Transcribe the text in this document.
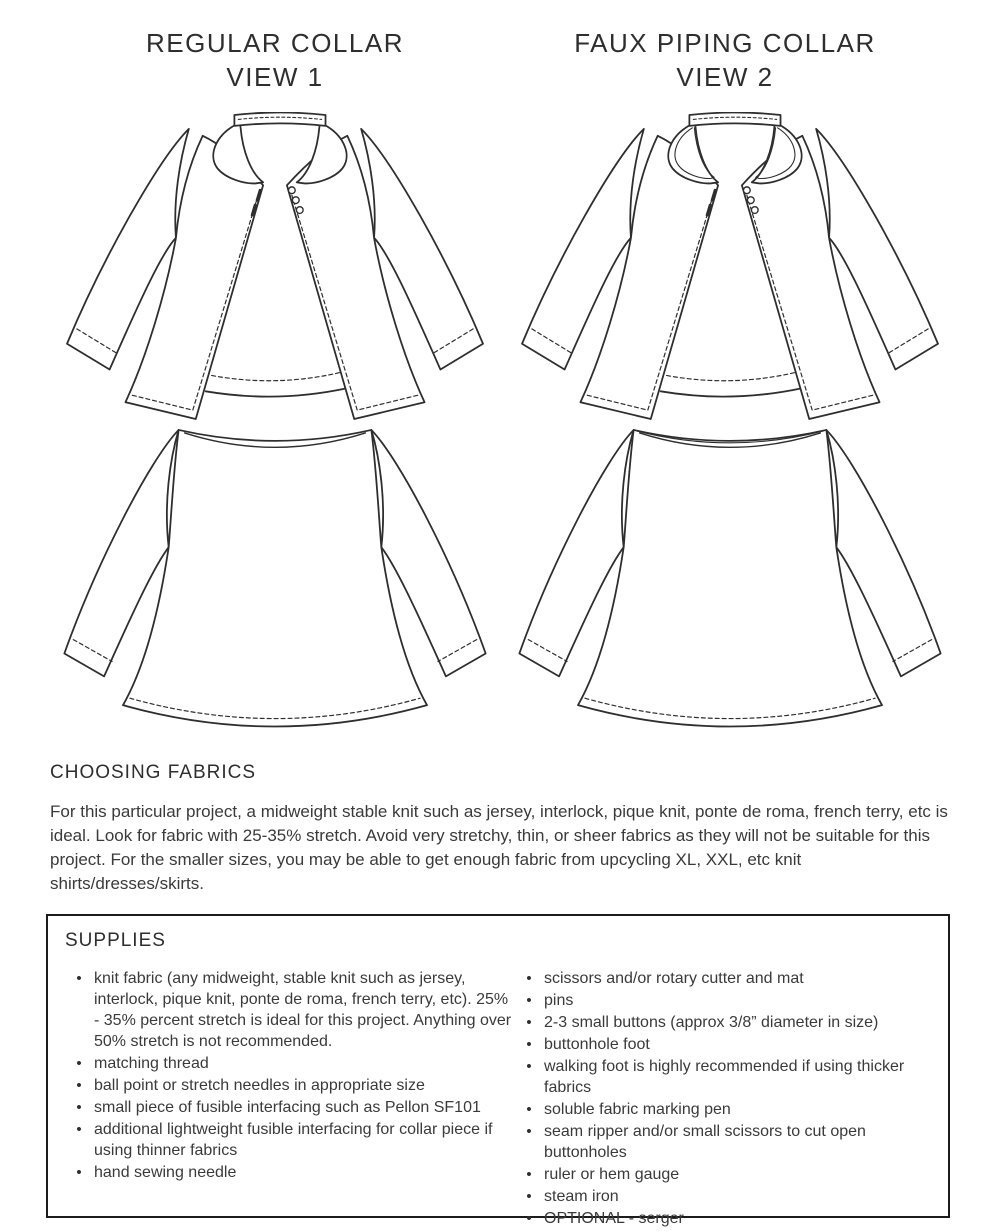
REGULAR COLLAR
VIEW 1
FAUX PIPING COLLAR
VIEW 2
CHOOSING FABRICS
For this particular project, a midweight stable knit such as jersey, interlock, pique knit, ponte de roma, french terry, etc is ideal. Look for fabric with 25-35% stretch. Avoid very stretchy, thin, or sheer fabrics as they will not be suitable for this project. For the smaller sizes, you may be able to get enough fabric from upcycling XL, XXL, etc knit shirts/dresses/skirts.
SUPPLIES
• knit fabric (any midweight, stable knit such as jersey, interlock, pique knit, ponte de roma, french terry, etc). 25% - 35% percent stretch is ideal for this project. Anything over 50% stretch is not recommended.
• matching thread
• ball point or stretch needles in appropriate size
• small piece of fusible interfacing such as Pellon SF101
• additional lightweight fusible interfacing for collar piece if using thinner fabrics
• hand sewing needle
• scissors and/or rotary cutter and mat
• pins
• 2-3 small buttons (approx 3/8” diameter in size)
• buttonhole foot
• walking foot is highly recommended if using thicker fabrics
• soluble fabric marking pen
• seam ripper and/or small scissors to cut open buttonholes
• ruler or hem gauge
• steam iron
• OPTIONAL - serger
